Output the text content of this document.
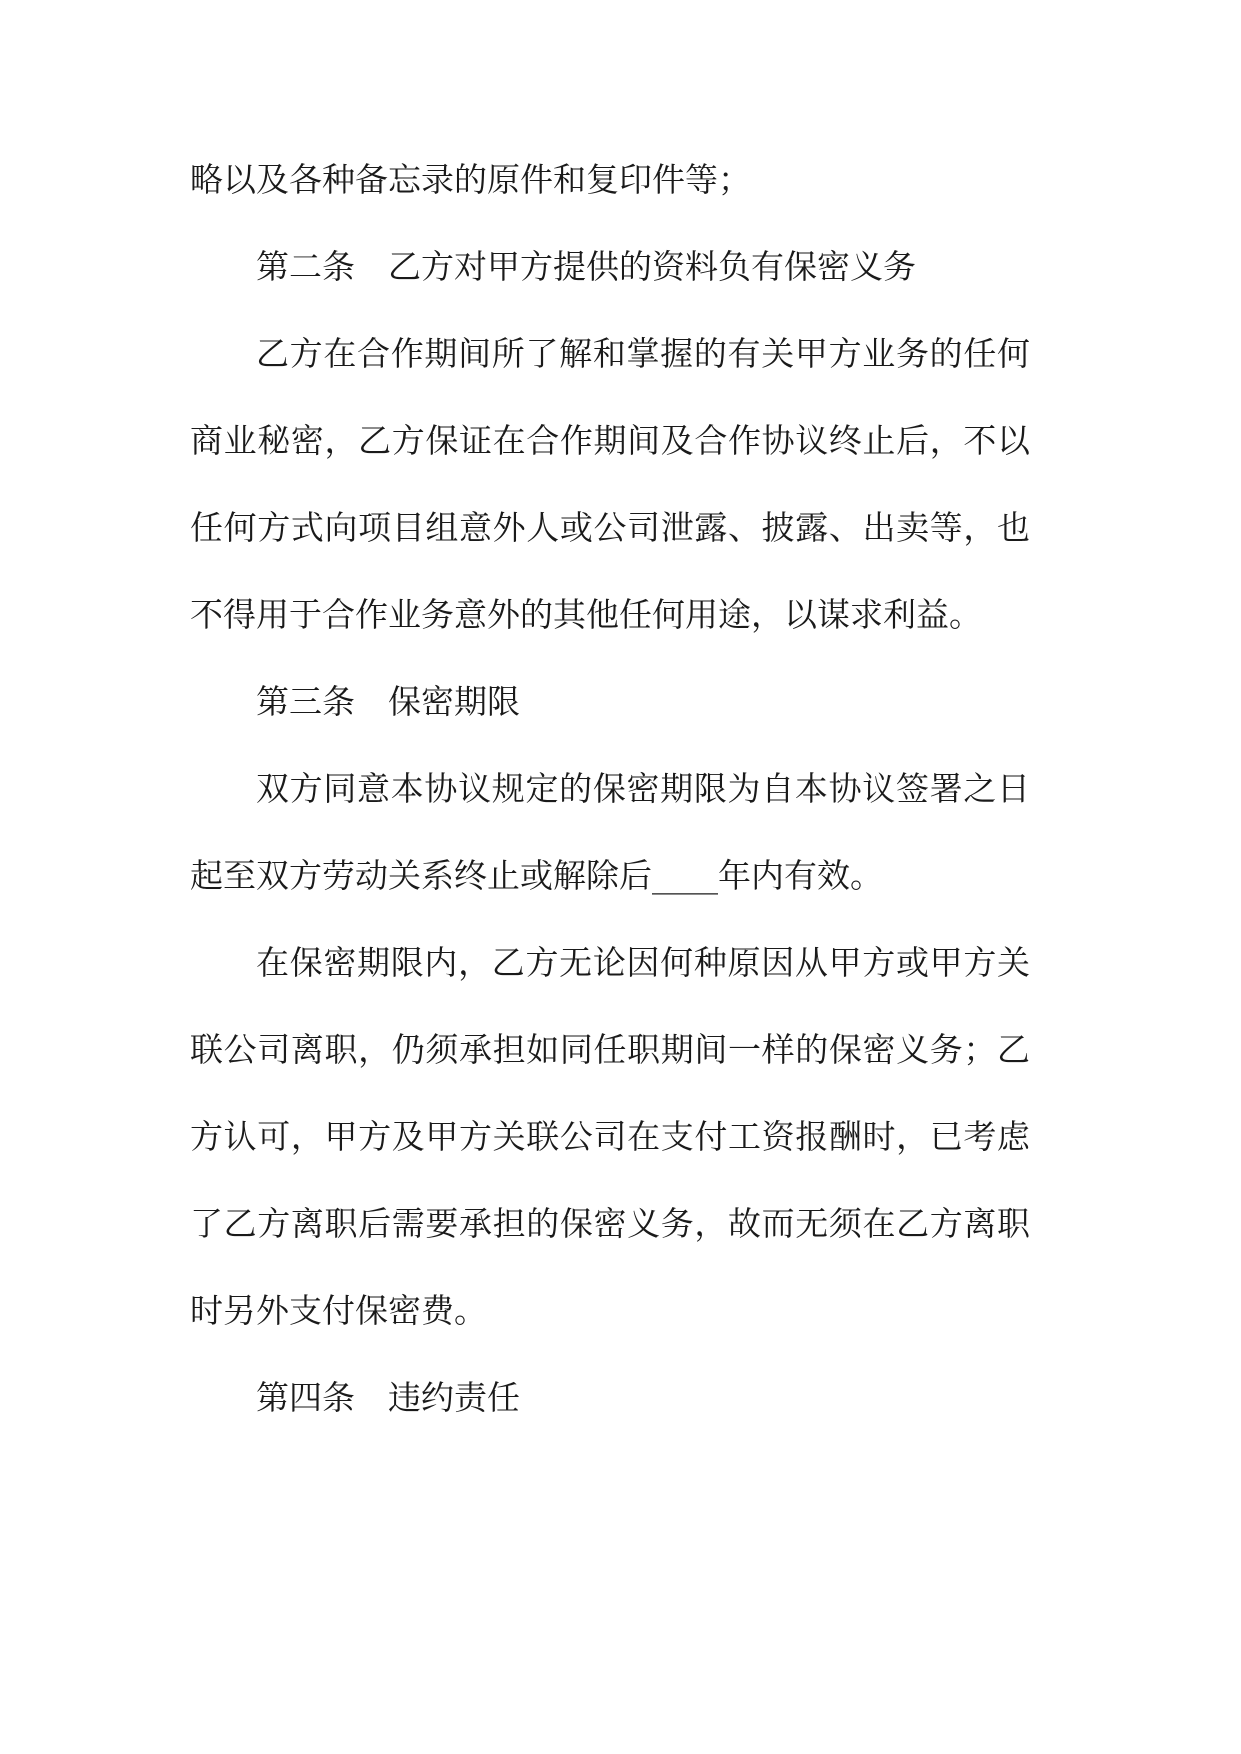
略以及各种备忘录的原件和复印件等；
第二条　乙方对甲方提供的资料负有保密义务
乙方在合作期间所了解和掌握的有关甲方业务的任何
商业秘密，乙方保证在合作期间及合作协议终止后，不以
任何方式向项目组意外人或公司泄露、披露、出卖等，也
不得用于合作业务意外的其他任何用途，以谋求利益。
第三条　保密期限
双方同意本协议规定的保密期限为自本协议签署之日
起至双方劳动关系终止或解除后____年内有效。
在保密期限内，乙方无论因何种原因从甲方或甲方关
联公司离职，仍须承担如同任职期间一样的保密义务；乙
方认可，甲方及甲方关联公司在支付工资报酬时，已考虑
了乙方离职后需要承担的保密义务，故而无须在乙方离职
时另外支付保密费。
第四条　违约责任
